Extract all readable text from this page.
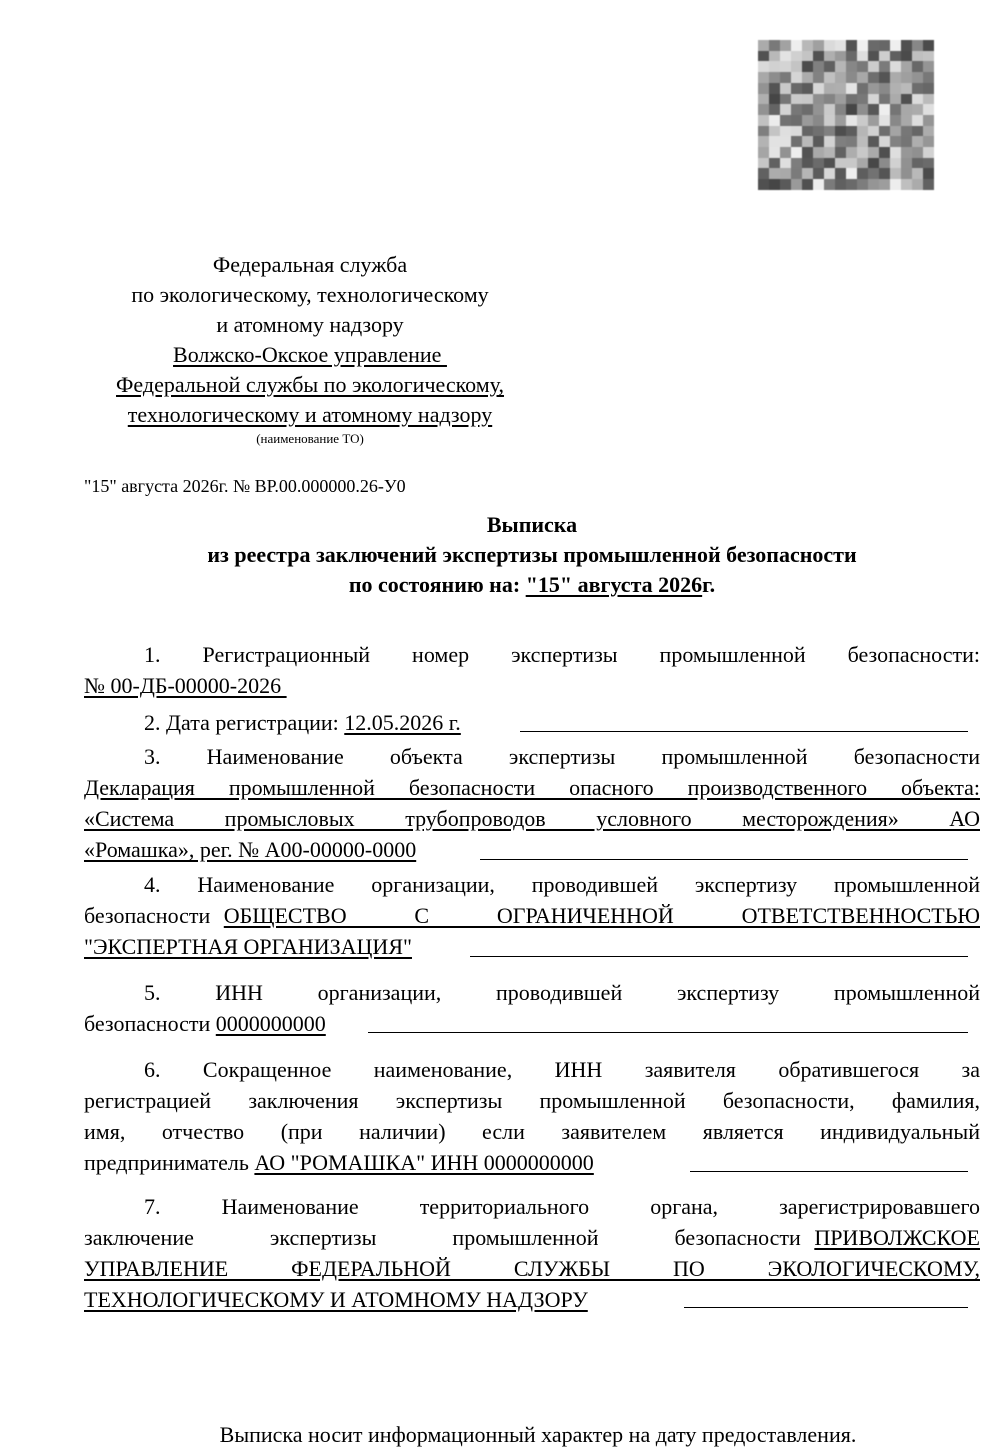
Федеральная служба
по экологическому, технологическому
и атомному надзору
Волжско-Окское управление
Федеральной службы по экологическому,
технологическому и атомному надзору
(наименование ТО)
"15" августа 2026г. № ВР.00.000000.26-У0
Выписка
из реестра заключений экспертизы промышленной безопасности
по состоянию на: "15" августа 2026г.
1. Регистрационный номер экспертизы промышленной безопасности:
№ 00-ДБ-00000-2026
2. Дата регистрации: 12.05.2026 г.
3. Наименование объекта экспертизы промышленной безопасности
Декларация промышленной безопасности опасного производственного объекта:
«Система промысловых трубопроводов условного месторождения» АО
«Ромашка», рег. № А00-00000-0000
4. Наименование организации, проводившей экспертизу промышленной
безопасности ОБЩЕСТВО С ОГРАНИЧЕННОЙ ОТВЕТСТВЕННОСТЬЮ
"ЭКСПЕРТНАЯ ОРГАНИЗАЦИЯ"
5. ИНН организации, проводившей экспертизу промышленной
безопасности 0000000000
6. Сокращенное наименование, ИНН заявителя обратившегося за
регистрацией заключения экспертизы промышленной безопасности, фамилия,
имя, отчество (при наличии) если заявителем является индивидуальный
предприниматель АО "РОМАШКА" ИНН 0000000000
7. Наименование территориального органа, зарегистрировавшего
заключение экспертизы промышленной безопасности ПРИВОЛЖСКОЕ
УПРАВЛЕНИЕ ФЕДЕРАЛЬНОЙ СЛУЖБЫ ПО ЭКОЛОГИЧЕСКОМУ,
ТЕХНОЛОГИЧЕСКОМУ И АТОМНОМУ НАДЗОРУ
Выписка носит информационный характер на дату предоставления.
